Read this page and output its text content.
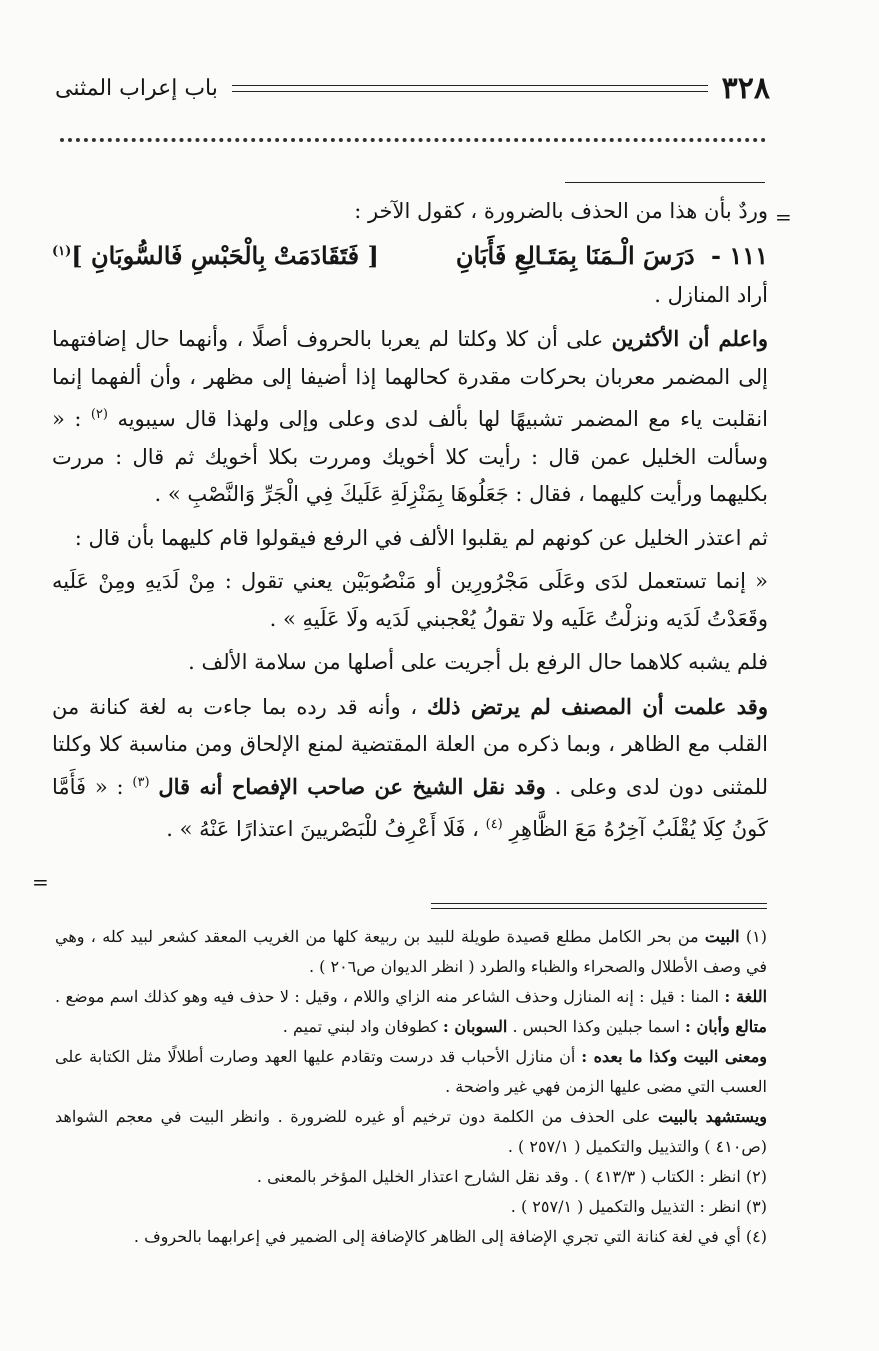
٣٢٨
باب إعراب المثنى
=
=

وردٌ بأن هذا من الحذف بالضرورة ، كقول الآخر :

١١١ - دَرَسَ الْـمَنَا بِمَتَـالِعِ فَأَبَانِ
[ فَتَقَادَمَتْ بِالْحَبْسِ فَالسُّوبَانِ ]$^{(١)}$

أراد المنازل .

واعلم أن الأكثرين على أن كلا وكلتا لم يعربا بالحروف أصلًا ، وأنهما حال إضافتهما إلى المضمر معربان بحركات مقدرة كحالهما إذا أضيفا إلى مظهر ، وأن ألفهما إنما انقلبت ياء مع المضمر تشبيهًا لها بألف لدى وعلى وإلى ولهذا قال سيبويه $^{(٢)}$ : « وسألت الخليل عمن قال : رأيت كلا أخويك ومررت بكلا أخويك ثم قال : مررت بكليهما ورأيت كليهما ، فقال : جَعَلُوهَا بِمَنْزِلَةِ عَلَيكَ فِي الْجَرِّ وَالنَّصْبِ » .

ثم اعتذر الخليل عن كونهم لم يقلبوا الألف في الرفع فيقولوا قام كليهما بأن قال :

« إنما تستعمل لدَى وعَلَى مَجْرُورِين أو مَنْصُوبَيْن يعني تقول : مِنْ لَدَيهِ ومِنْ عَلَيه وقَعَدْتُ لَدَيه ونزلْتُ عَلَيه ولا تقولُ يُعْجبني لَدَيه ولَا عَلَيهِ » .

فلم يشبه كلاهما حال الرفع بل أجريت على أصلها من سلامة الألف .

وقد علمت أن المصنف لم يرتض ذلك ، وأنه قد رده بما جاءت به لغة كنانة من القلب مع الظاهر ، وبما ذكره من العلة المقتضية لمنع الإلحاق ومن مناسبة كلا وكلتا للمثنى دون لدى وعلى . وقد نقل الشيخ عن صاحب الإفصاح أنه قال $^{(٣)}$ : « فَأَمَّا كَونُ كِلَا يُقْلَبُ آخِرُهُ مَعَ الظَّاهِرِ $^{(٤)}$ ، فَلَا أَعْرِفُ للْبَصْريينَ اعتذارًا عَنْهُ » .

(١) البيت من بحر الكامل مطلع قصيدة طويلة للبيد بن ربيعة كلها من الغريب المعقد كشعر لبيد كله ، وهي في وصف الأطلال والصحراء والظباء والطرد ( انظر الديوان ص٢٠٦ ) .

اللغة : المنا : قيل : إنه المنازل وحذف الشاعر منه الزاي واللام ، وقيل : لا حذف فيه وهو كذلك اسم موضع . متالع وأبان : اسما جبلين وكذا الحبس . السوبان : كطوفان واد لبني تميم .

ومعنى البيت وكذا ما بعده : أن منازل الأحباب قد درست وتقادم عليها العهد وصارت أطلالًا مثل الكتابة على العسب التي مضى عليها الزمن فهي غير واضحة .

ويستشهد بالبيت على الحذف من الكلمة دون ترخيم أو غيره للضرورة . وانظر البيت في معجم الشواهد (ص٤١٠ ) والتذييل والتكميل ( ٢٥٧/١ ) .

(٢) انظر : الكتاب ( ٤١٣/٣ ) . وقد نقل الشارح اعتذار الخليل المؤخر بالمعنى .

(٣) انظر : التذييل والتكميل ( ٢٥٧/١ ) .

(٤) أي في لغة كنانة التي تجري الإضافة إلى الظاهر كالإضافة إلى الضمير في إعرابهما بالحروف .
